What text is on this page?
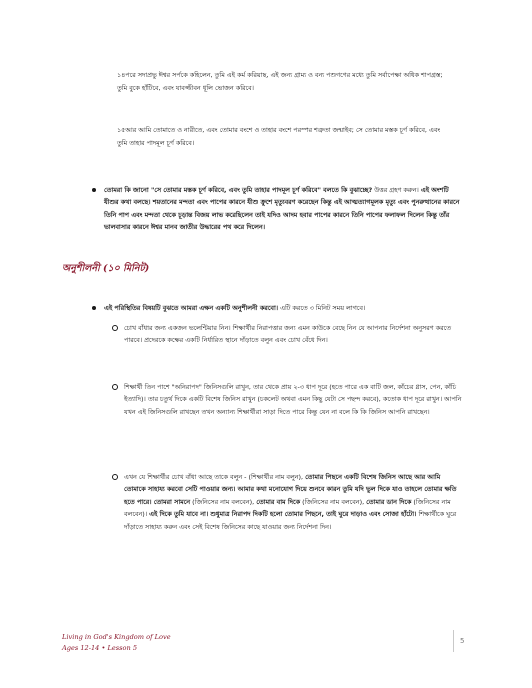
১৪পরে সদাপ্রভু ঈশ্বর সর্পকে কহিলেন, তুমি এই কর্ম করিয়াছ, এই জন্য গ্রাম্য ও বন্য পশুগণের মধ্যে তুমি সর্বাপেক্ষা অধিক শাপগ্রস্ত; তুমি বুকে হাঁটিবে, এবং যাবজ্জীবন ধূলি ভোজন করিবে।

১৫আর আমি তোমাতে ও নারীতে, এবং তোমার বংশে ও তাহার বংশে পরস্পর শত্রুতা জন্মাইব; সে তোমার মস্তক চূর্ণ করিবে, এবং তুমি তাহার পাদমূল চূর্ণ করিবে।

তোমরা কি জানো "সে তোমার মস্তক চূর্ণ করিবে, এবং তুমি তাহার পাদমূল চূর্ণ করিবে" বলতে কি বুঝাচ্ছে? উত্তর গ্রহণ করুন। এই অংশটি যীশুর কথা বলছে। শয়তানের মন্দতা এবং পাপের কারনে যীশু ক্রুশে মৃত্যুবরণ করেছেন কিন্তু এই আত্মত্যাগমূলক মৃত্যু এবং পুনরুত্থানের কারনে তিনি পাপ এবং মন্দতা থেকে চূড়ান্ত বিজয় লাভ করেছিলেন তাই যদিও আদম হবার পাপের কারনে তিনি পাপের ফলাফল দিলেন কিন্তু তাঁর ভালবাসার কারনে ঈশ্বর মানব জাতীর উদ্ধারের পথ করে দিলেন।

অনুশীলনী (১০ মিনিট)

এই পরিস্থিতির বিষয়টি বুঝতে আমরা এক্ষন একটি অনুশীলনী করবো। এটি করতে ৩ মিনিট সময় লাগবে।

চোখ বাঁধার জন্য একজন ভলেন্টিয়ার নিন। শিক্ষার্থীর নিরাপত্তার জন্য এমন কাউকে বেছে নিন যে আপনার নির্দেশনা অনুসরণ করতে পারবে। প্রদেরকে কক্ষের একটি নির্ধারিত স্থানে দাঁড়াতে বলুন এবং চোখ বেঁধে দিন।

শিক্ষার্থী তিন পাশে "অনিরাপদ" জিনিসগুলি রাখুন, তার থেকে প্রায় ২-৩ ধাপ দূরে (হতে পারে এক বাটি জল, কাঁচের গ্লাস, পেন, কাঁচি ইত্যাদি)। তার চতুর্থ দিকে একটি বিশেষ জিনিস রাখুন (চকলেট অথবা এমন কিছু যেটা সে পছন্দ করবে), কতোক ধাপ দূরে রাখুন। আপনি যখন এই জিনিসগুলি রাখছেন তখন অন্যান্য শিক্ষার্থীরা সাড়া দিতে পারে কিন্তু যেন না বলে কি কি জিনিস আপনি রাখছেন।

এখন যে শিক্ষার্থীর চোখ বাঁধা আছে তাকে বলুন - (শিক্ষার্থীর নাম বলুন), তোমার পিছনে একটি বিশেষ জিনিস আছে আর আমি তোমাকে সাহায্য করবো সেটি পাওয়ার জন্য। আমার কথা মনোযোগ দিয়ে শুনবে কারন তুমি যদি ভুল দিকে যাও তাহলে তোমার ক্ষতি হতে পারে। তোমরা সামনে (জিনিসের নাম বলবেন), তোমার বাম দিকে (জিনিসের নাম বলবেন), তোমার ডান দিকে (জিনিসের নাম বলবেন)। এই দিকে তুমি যাবে না। শুধুমাত্র নিরাপদ দিকটি হলো তোমার পিছনে, তাই ঘুরে দাড়াও এবং সোজা হাঁটো। শিক্ষার্থীকে ঘুরে দাঁড়াতে সাহায্য করুন এবং সেই বিশেষ জিনিসের কাছে যাওয়ার জন্য নির্দেশনা দিন।

Living in God's Kingdom of Love
Ages 12-14 • Lesson 5
5
